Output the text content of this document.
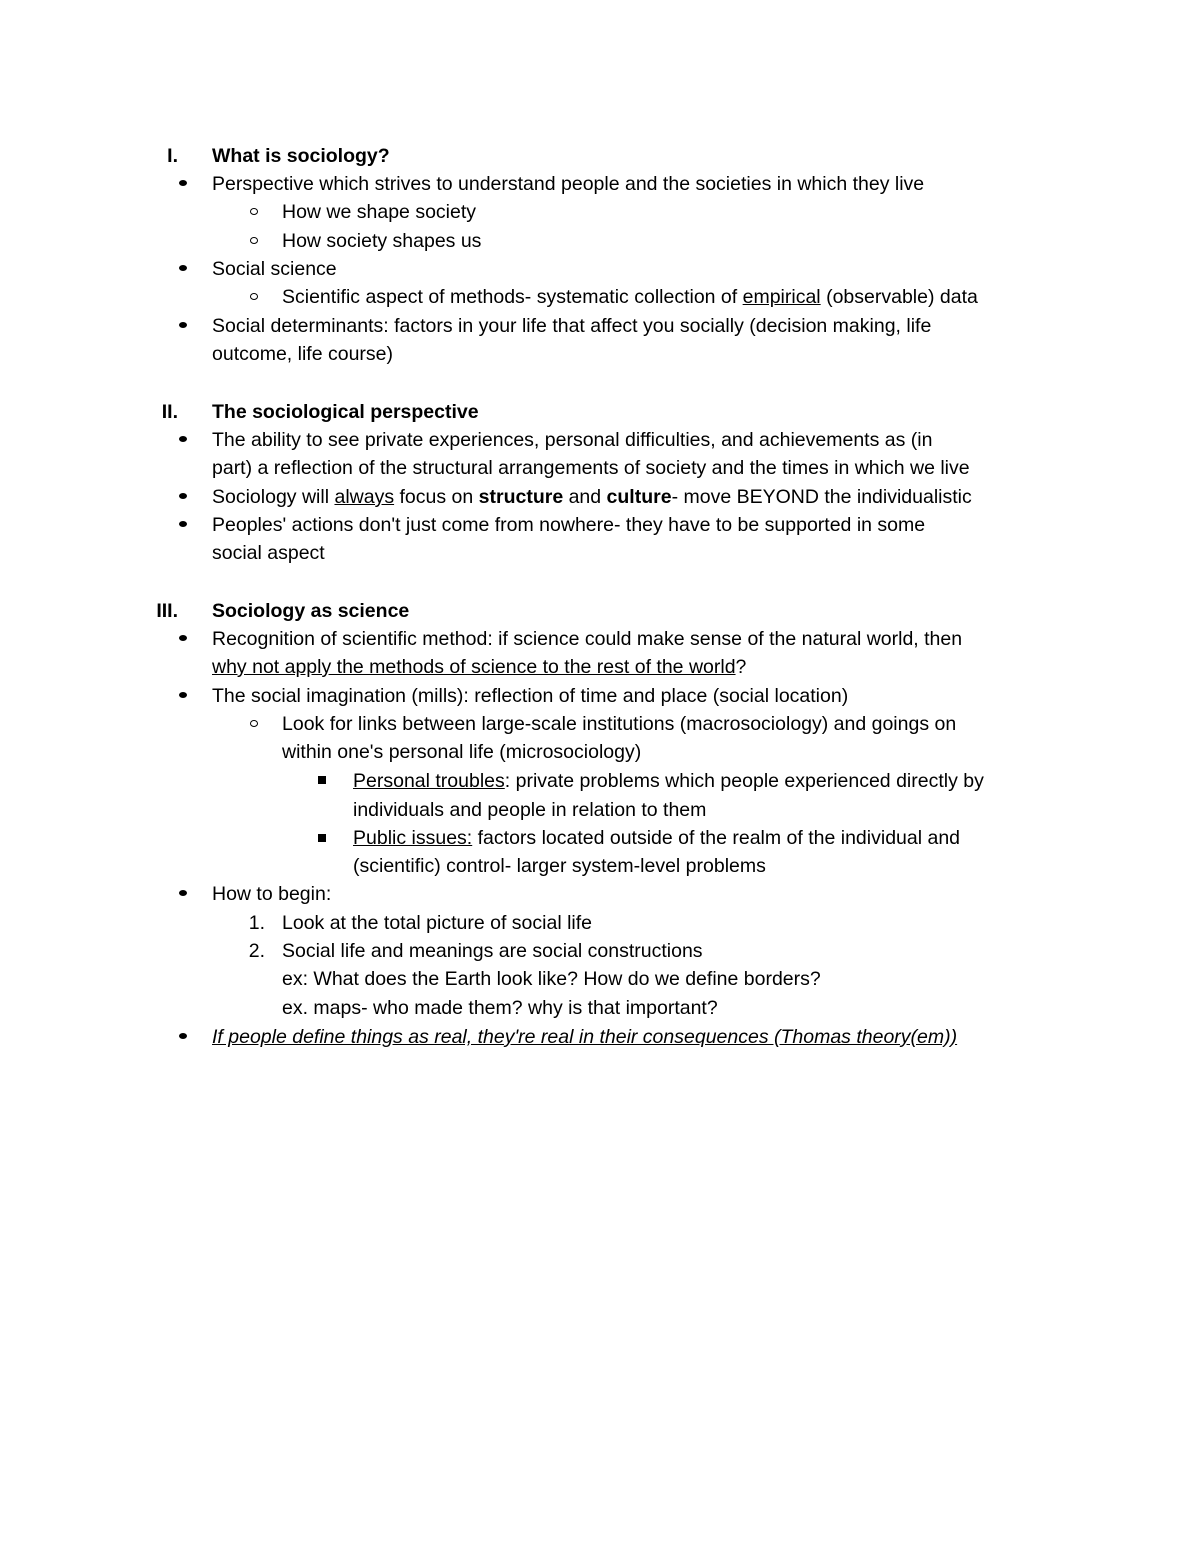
I. What is sociology?
Perspective which strives to understand people and the societies in which they live
How we shape society
How society shapes us
Social science
Scientific aspect of methods- systematic collection of empirical (observable) data
Social determinants: factors in your life that affect you socially (decision making, life
outcome, life course)
II. The sociological perspective
The ability to see private experiences, personal difficulties, and achievements as (in
part) a reflection of the structural arrangements of society and the times in which we live
Sociology will always focus on structure and culture- move BEYOND the individualistic
Peoples' actions don't just come from nowhere- they have to be supported in some
social aspect
III. Sociology as science
Recognition of scientific method: if science could make sense of the natural world, then
why not apply the methods of science to the rest of the world?
The social imagination (mills): reflection of time and place (social location)
Look for links between large-scale institutions (macrosociology) and goings on
within one's personal life (microsociology)
Personal troubles: private problems which people experienced directly by
individuals and people in relation to them
Public issues: factors located outside of the realm of the individual and
(scientific) control- larger system-level problems
How to begin:
1. Look at the total picture of social life
2. Social life and meanings are social constructions
ex: What does the Earth look like? How do we define borders?
ex. maps- who made them? why is that important?
If people define things as real, they're real in their consequences (Thomas theory(em))
